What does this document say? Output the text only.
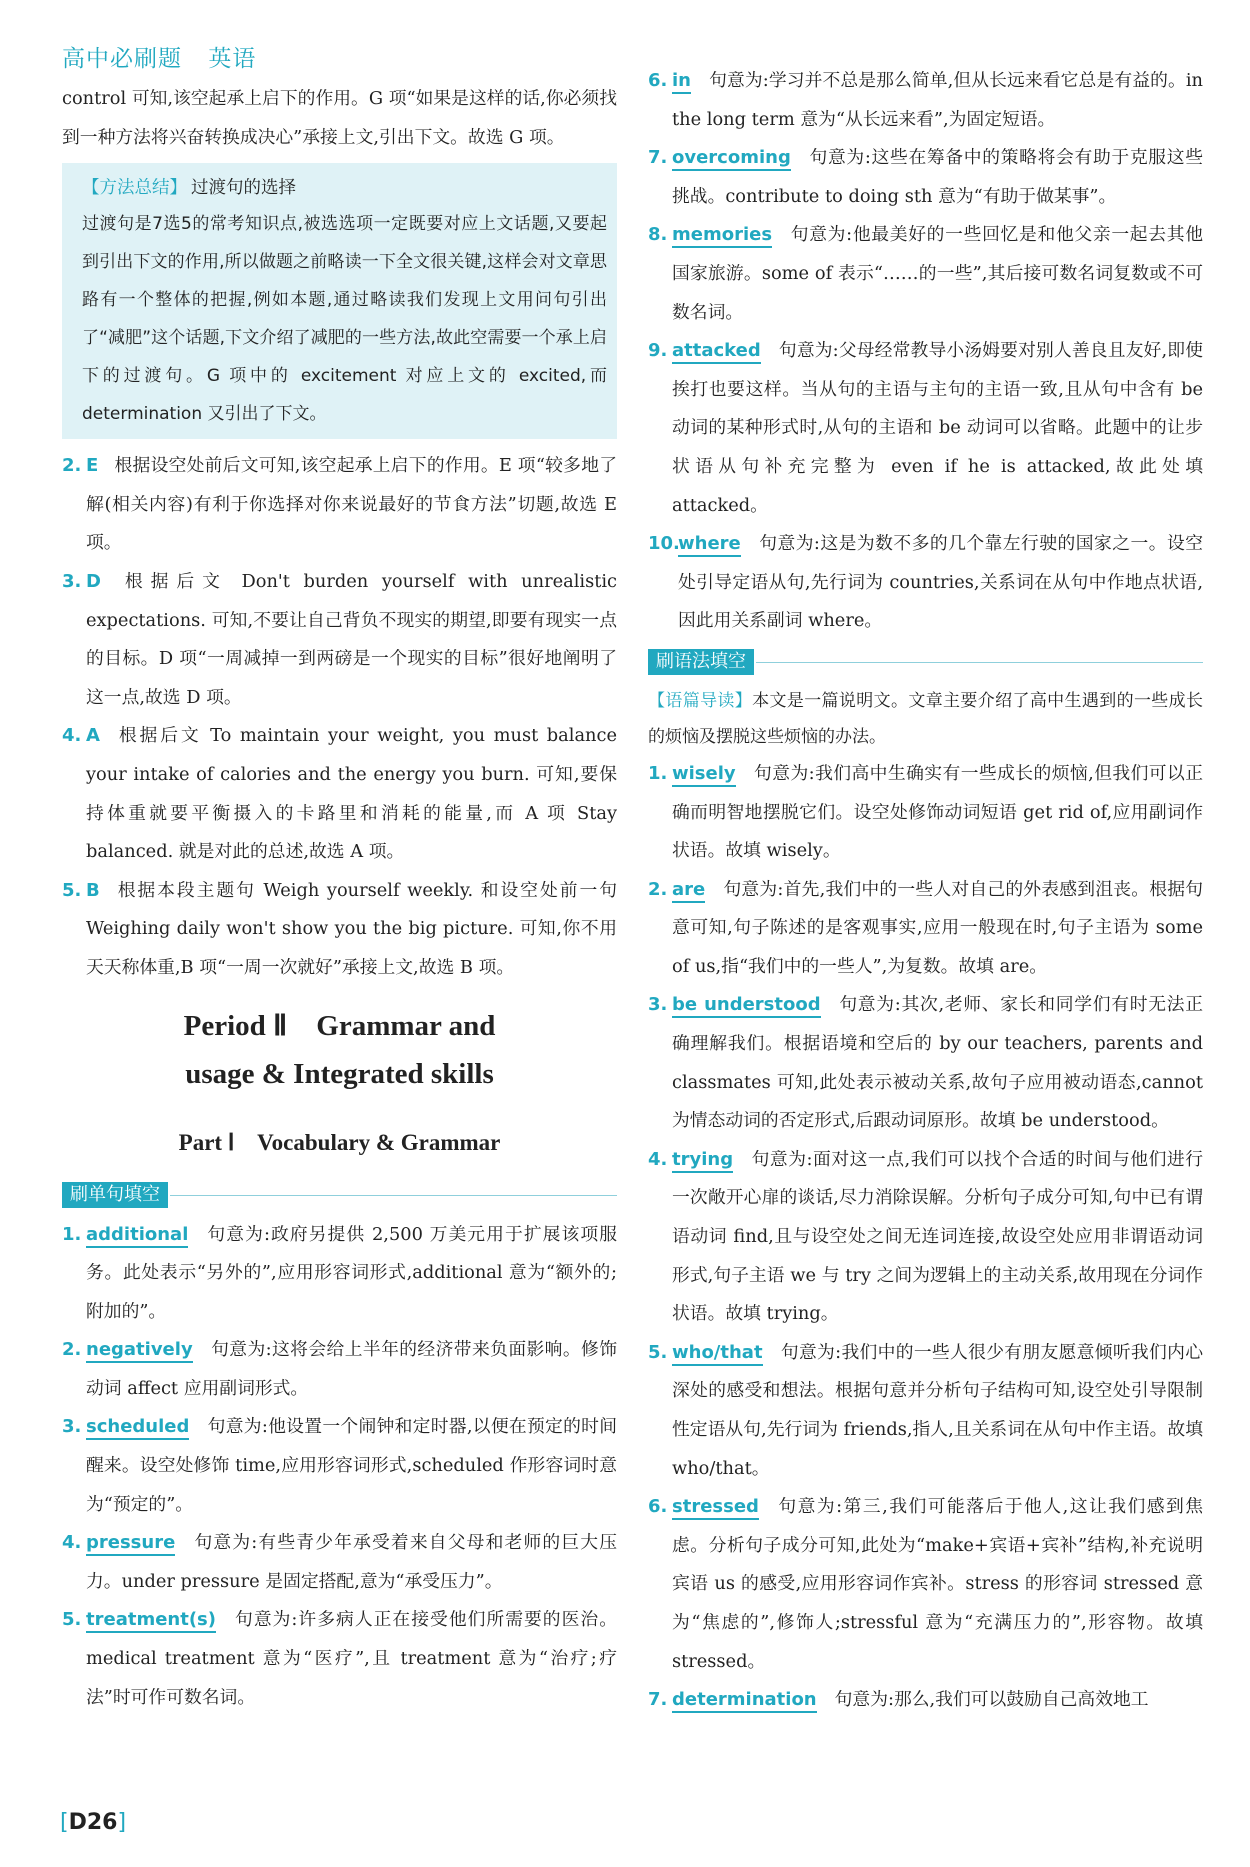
高中必刷题 英语
control 可知,该空起承上启下的作用。G 项“如果是这样的话,你必须找到一种方法将兴奋转换成决心”承接上文,引出下文。故选 G 项。
【方法总结】 过渡句的选择
过渡句是7选5的常考知识点,被选选项一定既要对应上文话题,又要起到引出下文的作用,所以做题之前略读一下全文很关键,这样会对文章思路有一个整体的把握,例如本题,通过略读我们发现上文用问句引出了“减肥”这个话题,下文介绍了减肥的一些方法,故此空需要一个承上启下的过渡句。G 项中的 excitement 对应上文的 excited,而 determination 又引出了下文。
2. E 根据设空处前后文可知,该空起承上启下的作用。E 项“较多地了解(相关内容)有利于你选择对你来说最好的节食方法”切题,故选 E 项。
3. D 根据后文 Don't burden yourself with unrealistic expectations. 可知,不要让自己背负不现实的期望,即要有现实一点的目标。D 项“一周减掉一到两磅是一个现实的目标”很好地阐明了这一点,故选 D 项。
4. A 根据后文 To maintain your weight, you must balance your intake of calories and the energy you burn. 可知,要保持体重就要平衡摄入的卡路里和消耗的能量,而 A 项 Stay balanced. 就是对此的总述,故选 A 项。
5. B 根据本段主题句 Weigh yourself weekly. 和设空处前一句 Weighing daily won't show you the big picture. 可知,你不用天天称体重,B 项“一周一次就好”承接上文,故选 B 项。
Period Ⅱ    Grammar and
usage & Integrated skills
Part Ⅰ    Vocabulary & Grammar
刷单句填空
1. additional 句意为:政府另提供 2,500 万美元用于扩展该项服务。此处表示“另外的”,应用形容词形式,additional 意为“额外的;附加的”。
2. negatively 句意为:这将会给上半年的经济带来负面影响。修饰动词 affect 应用副词形式。
3. scheduled 句意为:他设置一个闹钟和定时器,以便在预定的时间醒来。设空处修饰 time,应用形容词形式,scheduled 作形容词时意为“预定的”。
4. pressure 句意为:有些青少年承受着来自父母和老师的巨大压力。under pressure 是固定搭配,意为“承受压力”。
5. treatment(s) 句意为:许多病人正在接受他们所需要的医治。medical treatment 意为“医疗”,且 treatment 意为“治疗;疗法”时可作可数名词。
6. in 句意为:学习并不总是那么简单,但从长远来看它总是有益的。in the long term 意为“从长远来看”,为固定短语。
7. overcoming 句意为:这些在筹备中的策略将会有助于克服这些挑战。contribute to doing sth 意为“有助于做某事”。
8. memories 句意为:他最美好的一些回忆是和他父亲一起去其他国家旅游。some of 表示“……的一些”,其后接可数名词复数或不可数名词。
9. attacked 句意为:父母经常教导小汤姆要对别人善良且友好,即使挨打也要这样。当从句的主语与主句的主语一致,且从句中含有 be 动词的某种形式时,从句的主语和 be 动词可以省略。此题中的让步状语从句补充完整为 even if he is attacked,故此处填 attacked。
10.
where 句意为:这是为数不多的几个靠左行驶的国家之一。设空处引导定语从句,先行词为 countries,关系词在从句中作地点状语,因此用关系副词 where。
刷语法填空
【语篇导读】本文是一篇说明文。文章主要介绍了高中生遇到的一些成长的烦恼及摆脱这些烦恼的办法。
1. wisely 句意为:我们高中生确实有一些成长的烦恼,但我们可以正确而明智地摆脱它们。设空处修饰动词短语 get rid of,应用副词作状语。故填 wisely。
2. are 句意为:首先,我们中的一些人对自己的外表感到沮丧。根据句意可知,句子陈述的是客观事实,应用一般现在时,句子主语为 some of us,指“我们中的一些人”,为复数。故填 are。
3. be understood 句意为:其次,老师、家长和同学们有时无法正确理解我们。根据语境和空后的 by our teachers, parents and classmates 可知,此处表示被动关系,故句子应用被动语态,cannot 为情态动词的否定形式,后跟动词原形。故填 be understood。
4. trying 句意为:面对这一点,我们可以找个合适的时间与他们进行一次敞开心扉的谈话,尽力消除误解。分析句子成分可知,句中已有谓语动词 find,且与设空处之间无连词连接,故设空处应用非谓语动词形式,句子主语 we 与 try 之间为逻辑上的主动关系,故用现在分词作状语。故填 trying。
5. who/that 句意为:我们中的一些人很少有朋友愿意倾听我们内心深处的感受和想法。根据句意并分析句子结构可知,设空处引导限制性定语从句,先行词为 friends,指人,且关系词在从句中作主语。故填 who/that。
6. stressed 句意为:第三,我们可能落后于他人,这让我们感到焦虑。分析句子成分可知,此处为“make+宾语+宾补”结构,补充说明宾语 us 的感受,应用形容词作宾补。stress 的形容词 stressed 意为“焦虑的”,修饰人;stressful 意为“充满压力的”,形容物。故填 stressed。
7. determination 句意为:那么,我们可以鼓励自己高效地工
[D26]
